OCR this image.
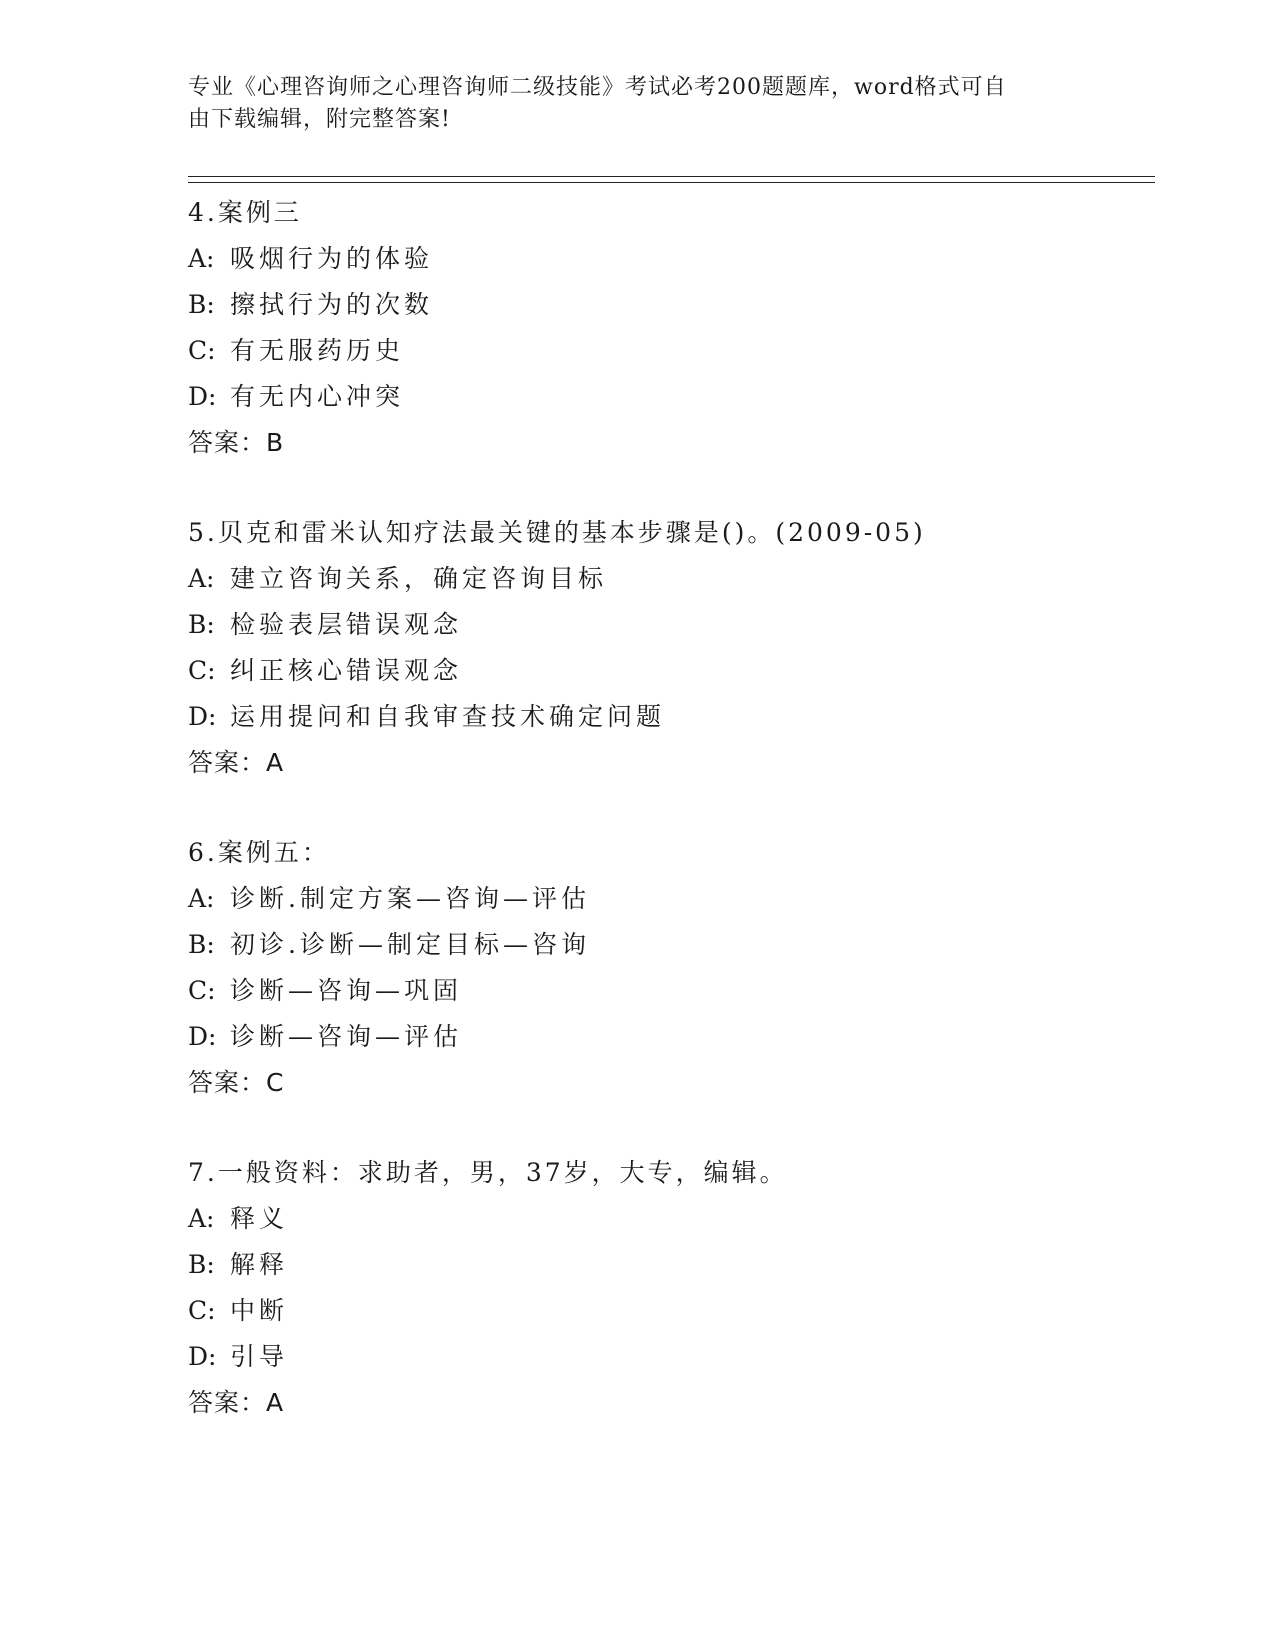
专业《心理咨询师之心理咨询师二级技能》考试必考200题题库，word格式可自
由下载编辑，附完整答案!
4.案例三
A: 吸烟行为的体验
B: 擦拭行为的次数
C: 有无服药历史
D: 有无内心冲突
答案：B
5.贝克和雷米认知疗法最关键的基本步骤是()。(2009-05)
A: 建立咨询关系，确定咨询目标
B: 检验表层错误观念
C: 纠正核心错误观念
D: 运用提问和自我审查技术确定问题
答案：A
6.案例五：
A: 诊断.制定方案—咨询—评估
B: 初诊.诊断—制定目标—咨询
C: 诊断—咨询—巩固
D: 诊断—咨询—评估
答案：C
7.一般资料：求助者，男，37岁，大专，编辑。
A: 释义
B: 解释
C: 中断
D: 引导
答案：A
